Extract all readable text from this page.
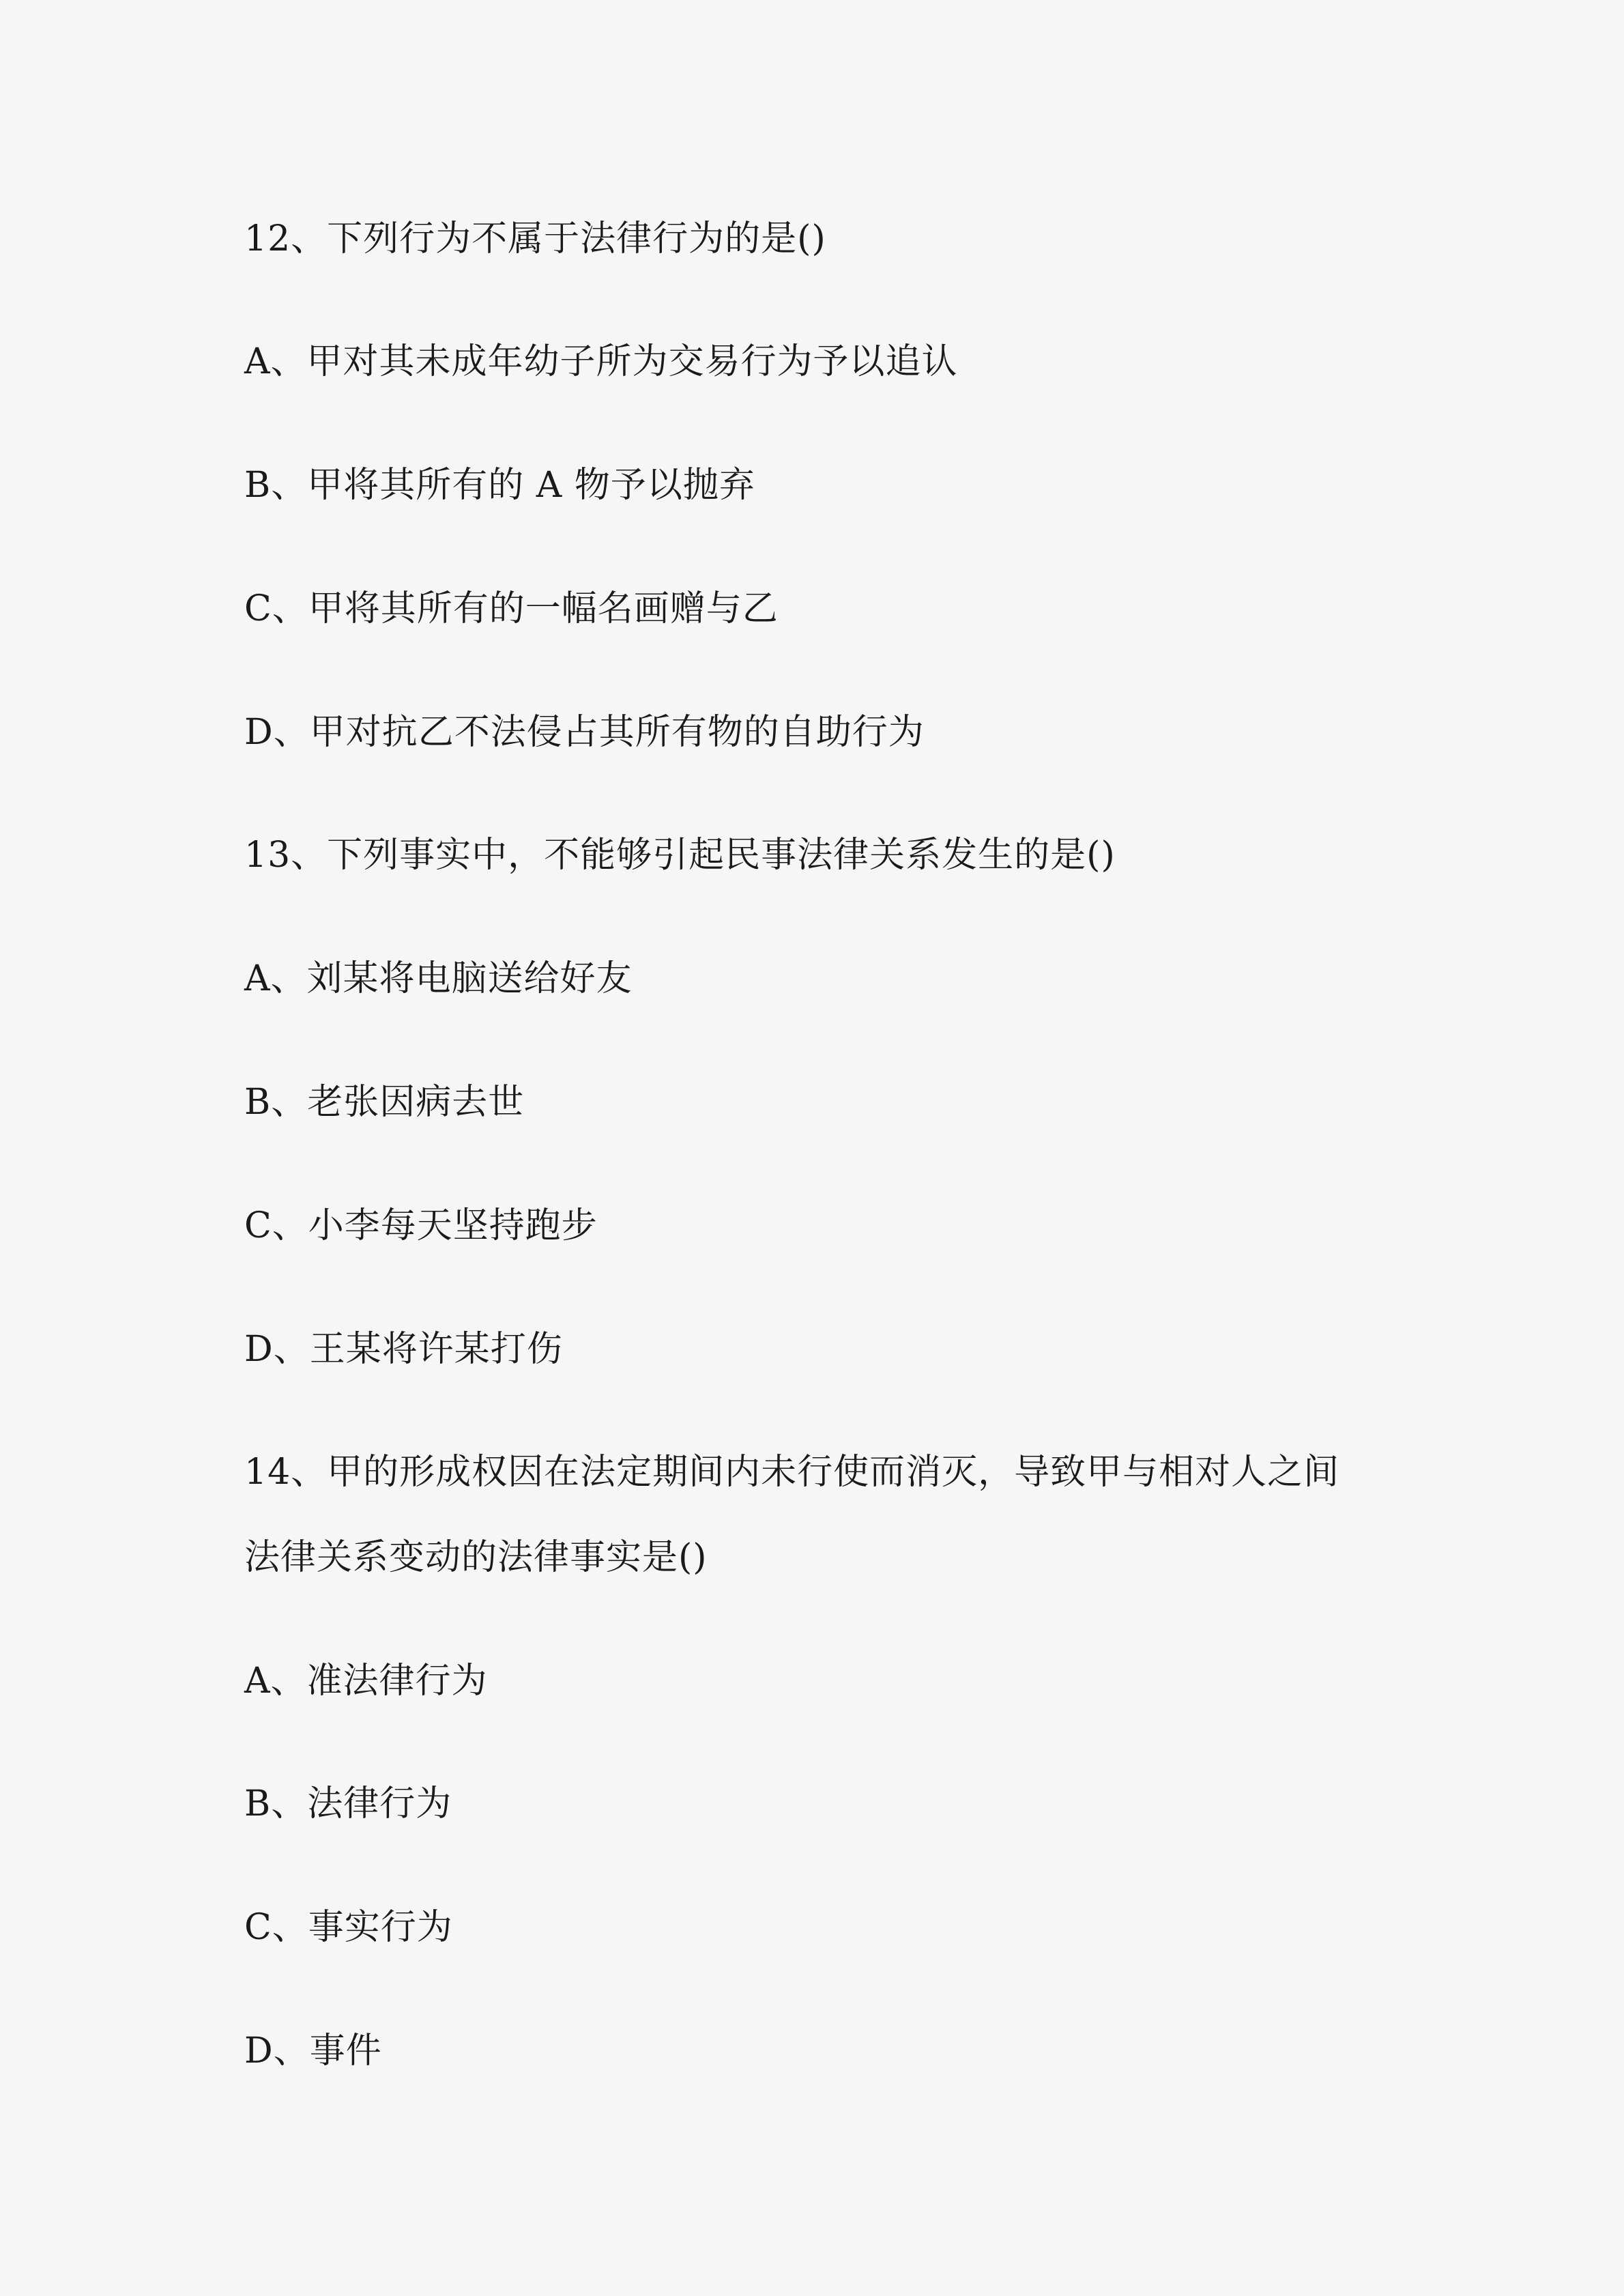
12、下列行为不属于法律行为的是()
A、甲对其未成年幼子所为交易行为予以追认
B、甲将其所有的 A 物予以抛弃
C、甲将其所有的一幅名画赠与乙
D、甲对抗乙不法侵占其所有物的自助行为
13、下列事实中，不能够引起民事法律关系发生的是()
A、刘某将电脑送给好友
B、老张因病去世
C、小李每天坚持跑步
D、王某将许某打伤
14、甲的形成权因在法定期间内未行使而消灭，导致甲与相对人之间
法律关系变动的法律事实是()
A、准法律行为
B、法律行为
C、事实行为
D、事件
